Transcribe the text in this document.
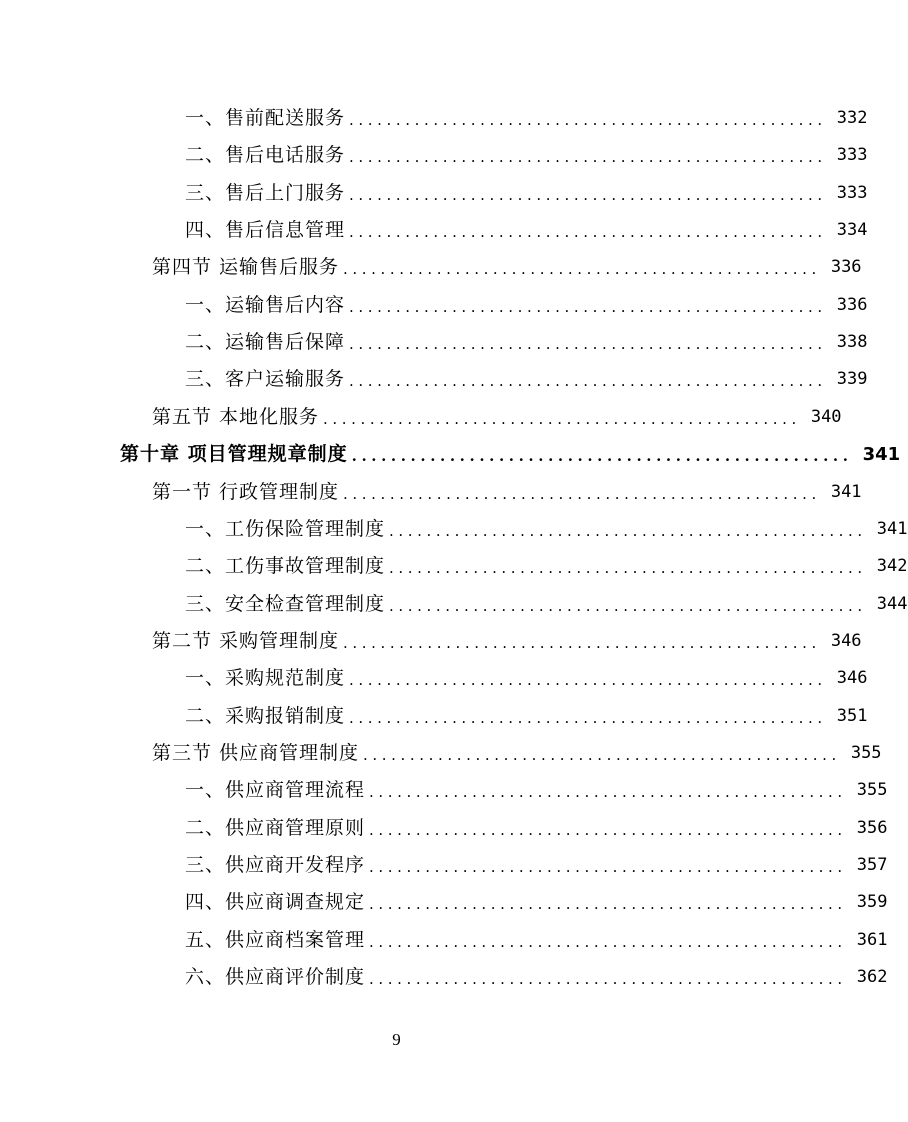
一、售前配送服务 ................................................... 332
二、售后电话服务 ................................................... 333
三、售后上门服务 ................................................... 333
四、售后信息管理 ................................................... 334
第四节 运输售后服务 ................................................... 336
一、运输售后内容 ................................................... 336
二、运输售后保障 ................................................... 338
三、客户运输服务 ................................................... 339
第五节 本地化服务 ................................................... 340
第十章 项目管理规章制度 ................................................... 341
第一节 行政管理制度 ................................................... 341
一、工伤保险管理制度 ................................................... 341
二、工伤事故管理制度 ................................................... 342
三、安全检查管理制度 ................................................... 344
第二节 采购管理制度 ................................................... 346
一、采购规范制度 ................................................... 346
二、采购报销制度 ................................................... 351
第三节 供应商管理制度 ................................................... 355
一、供应商管理流程 ................................................... 355
二、供应商管理原则 ................................................... 356
三、供应商开发程序 ................................................... 357
四、供应商调查规定 ................................................... 359
五、供应商档案管理 ................................................... 361
六、供应商评价制度 ................................................... 362
9
